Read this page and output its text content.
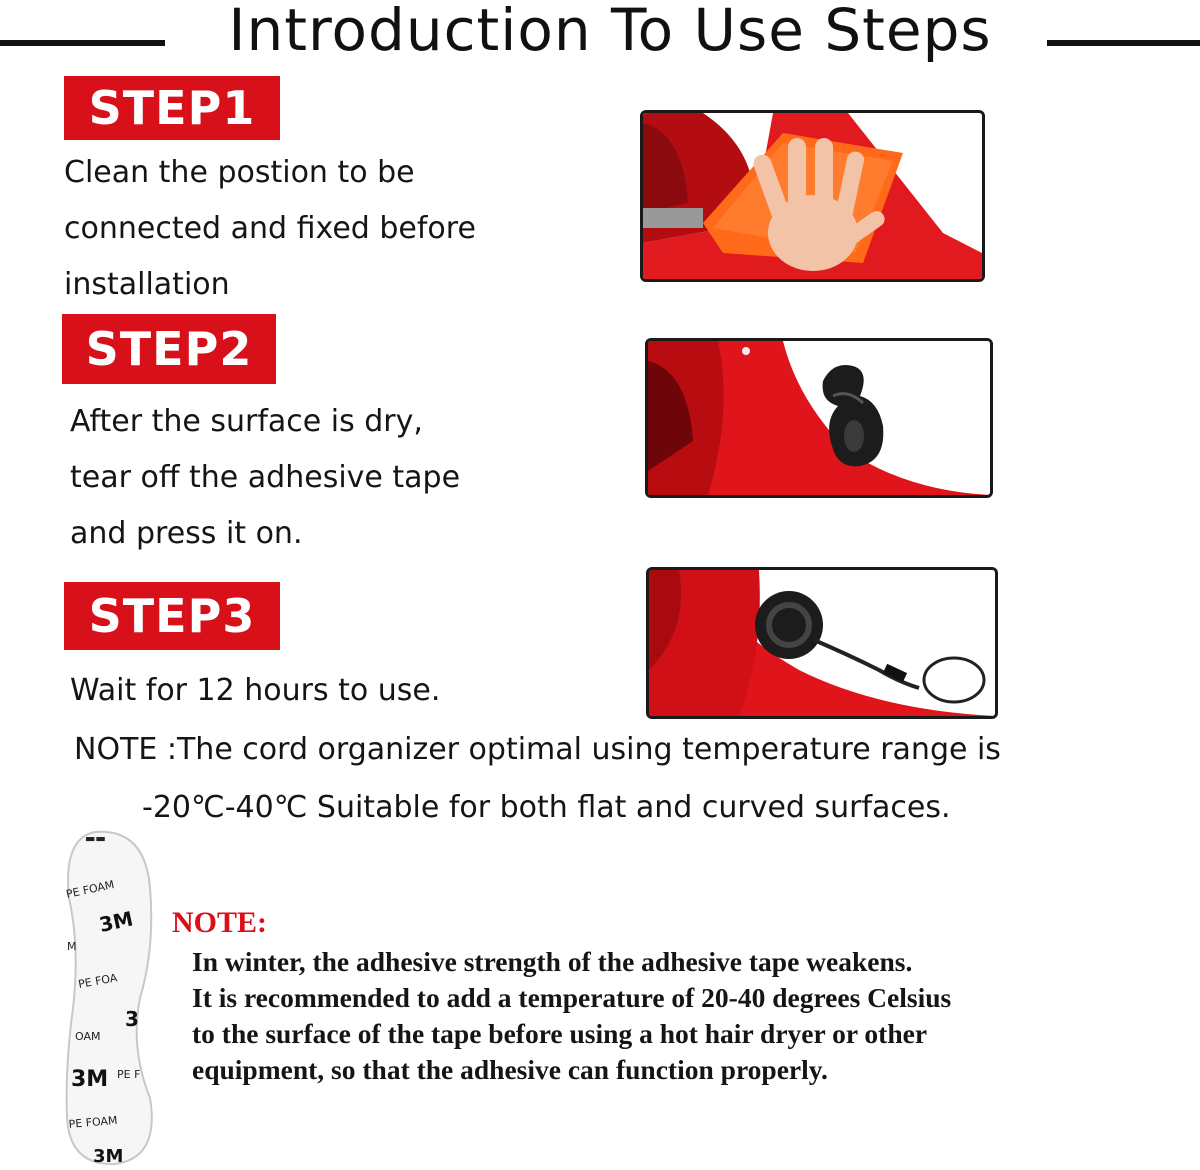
Introduction To Use Steps
STEP1
Clean the postion to be
connected and fixed before
installation
STEP2
After the surface is dry,
tear off the adhesive tape
and press it on.
STEP3
Wait for 12 hours to use.
NOTE :The cord organizer optimal using temperature range is
-20℃-40℃ Suitable for both flat and curved surfaces.
▬▬
PE FOAM
3M
M
PE FOA
3
OAM
3M PE F
PE FOAM
3M
NOTE:
In winter, the adhesive strength of the adhesive tape weakens.
It is recommended to add a temperature of 20-40 degrees Celsius
to the surface of the tape before using a hot hair dryer or other
equipment, so that the adhesive can function properly.
